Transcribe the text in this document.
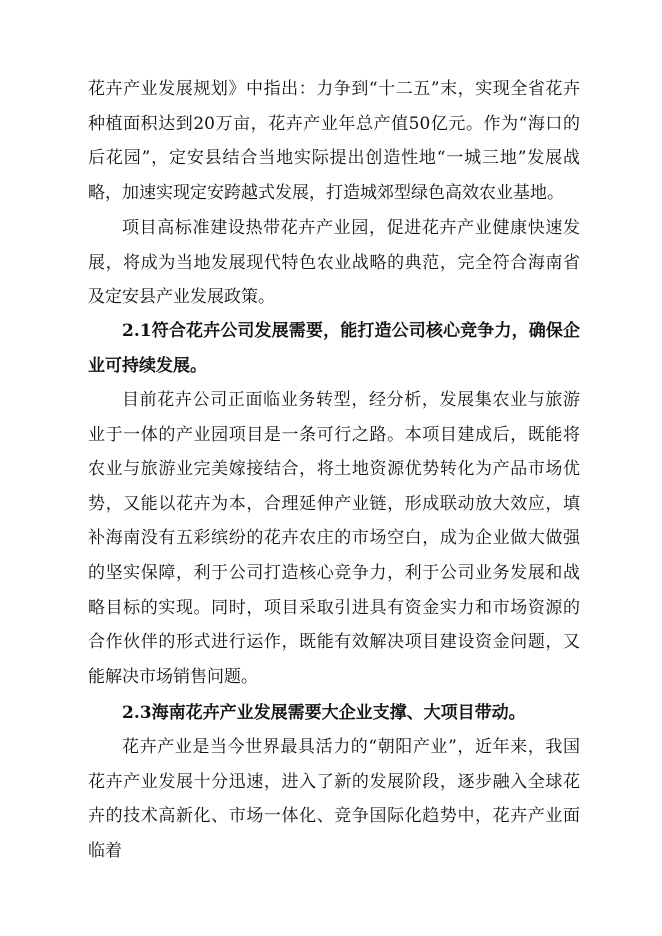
花卉产业发展规划》中指出：力争到“十二五”末，实现全省花卉种植面积达到20万亩，花卉产业年总产值50亿元。作为“海口的后花园”，定安县结合当地实际提出创造性地“一城三地”发展战略，加速实现定安跨越式发展，打造城郊型绿色高效农业基地。

项目高标准建设热带花卉产业园，促进花卉产业健康快速发展，将成为当地发展现代特色农业战略的典范，完全符合海南省及定安县产业发展政策。

2.1符合花卉公司发展需要，能打造公司核心竞争力，确保企业可持续发展。

目前花卉公司正面临业务转型，经分析，发展集农业与旅游业于一体的产业园项目是一条可行之路。本项目建成后，既能将农业与旅游业完美嫁接结合，将土地资源优势转化为产品市场优势，又能以花卉为本，合理延伸产业链，形成联动放大效应，填补海南没有五彩缤纷的花卉农庄的市场空白，成为企业做大做强的坚实保障，利于公司打造核心竞争力，利于公司业务发展和战略目标的实现。同时，项目采取引进具有资金实力和市场资源的合作伙伴的形式进行运作，既能有效解决项目建设资金问题，又能解决市场销售问题。

2.3海南花卉产业发展需要大企业支撑、大项目带动。

花卉产业是当今世界最具活力的“朝阳产业”，近年来，我国花卉产业发展十分迅速，进入了新的发展阶段，逐步融入全球花卉的技术高新化、市场一体化、竞争国际化趋势中，花卉产业面临着
